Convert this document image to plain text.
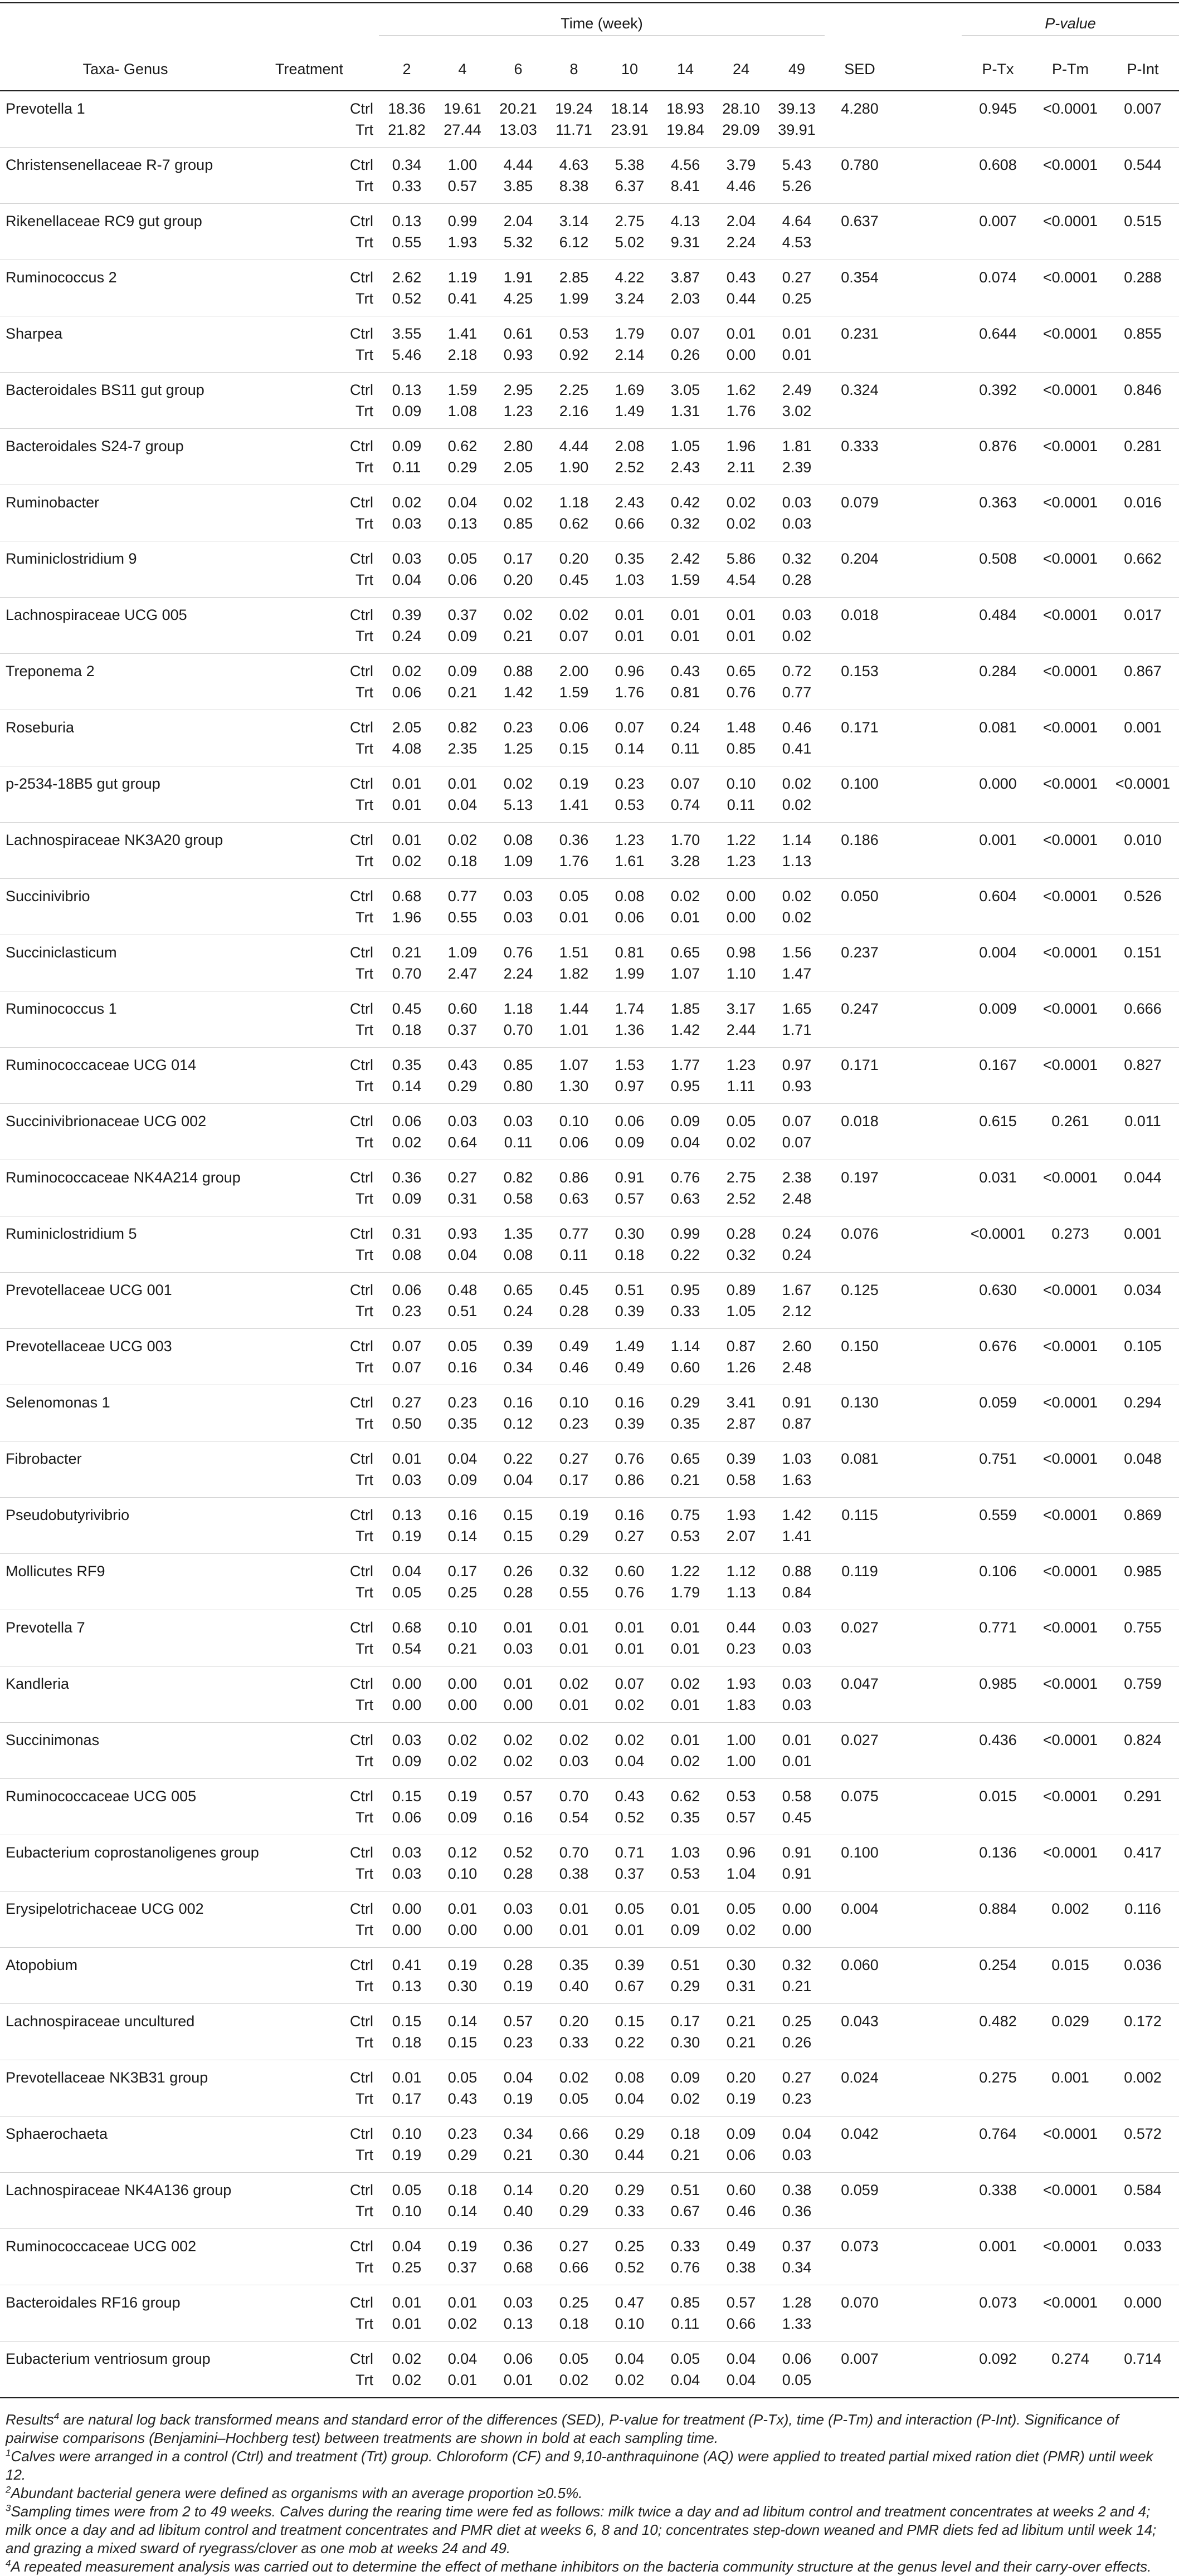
		Time (week)										P-value		
Taxa- Genus	Treatment	2	4	6	8	10	14	24	49	SED		P-Tx	P-Tm	P-Int
Prevotella 1	Ctrl	18.36	19.61	20.21	19.24	18.14	18.93	28.10	39.13	4.280		0.945	<0.0001	0.007
	Trt	21.82	27.44	13.03	11.71	23.91	19.84	29.09	39.91					
Christensenellaceae R-7 group	Ctrl	0.34	1.00	4.44	4.63	5.38	4.56	3.79	5.43	0.780		0.608	<0.0001	0.544
	Trt	0.33	0.57	3.85	8.38	6.37	8.41	4.46	5.26					
Rikenellaceae RC9 gut group	Ctrl	0.13	0.99	2.04	3.14	2.75	4.13	2.04	4.64	0.637		0.007	<0.0001	0.515
	Trt	0.55	1.93	5.32	6.12	5.02	9.31	2.24	4.53					
Ruminococcus 2	Ctrl	2.62	1.19	1.91	2.85	4.22	3.87	0.43	0.27	0.354		0.074	<0.0001	0.288
	Trt	0.52	0.41	4.25	1.99	3.24	2.03	0.44	0.25					
Sharpea	Ctrl	3.55	1.41	0.61	0.53	1.79	0.07	0.01	0.01	0.231		0.644	<0.0001	0.855
	Trt	5.46	2.18	0.93	0.92	2.14	0.26	0.00	0.01					
Bacteroidales BS11 gut group	Ctrl	0.13	1.59	2.95	2.25	1.69	3.05	1.62	2.49	0.324		0.392	<0.0001	0.846
	Trt	0.09	1.08	1.23	2.16	1.49	1.31	1.76	3.02					
Bacteroidales S24-7 group	Ctrl	0.09	0.62	2.80	4.44	2.08	1.05	1.96	1.81	0.333		0.876	<0.0001	0.281
	Trt	0.11	0.29	2.05	1.90	2.52	2.43	2.11	2.39					
Ruminobacter	Ctrl	0.02	0.04	0.02	1.18	2.43	0.42	0.02	0.03	0.079		0.363	<0.0001	0.016
	Trt	0.03	0.13	0.85	0.62	0.66	0.32	0.02	0.03					
Ruminiclostridium 9	Ctrl	0.03	0.05	0.17	0.20	0.35	2.42	5.86	0.32	0.204		0.508	<0.0001	0.662
	Trt	0.04	0.06	0.20	0.45	1.03	1.59	4.54	0.28					
Lachnospiraceae UCG 005	Ctrl	0.39	0.37	0.02	0.02	0.01	0.01	0.01	0.03	0.018		0.484	<0.0001	0.017
	Trt	0.24	0.09	0.21	0.07	0.01	0.01	0.01	0.02					
Treponema 2	Ctrl	0.02	0.09	0.88	2.00	0.96	0.43	0.65	0.72	0.153		0.284	<0.0001	0.867
	Trt	0.06	0.21	1.42	1.59	1.76	0.81	0.76	0.77					
Roseburia	Ctrl	2.05	0.82	0.23	0.06	0.07	0.24	1.48	0.46	0.171		0.081	<0.0001	0.001
	Trt	4.08	2.35	1.25	0.15	0.14	0.11	0.85	0.41					
p-2534-18B5 gut group	Ctrl	0.01	0.01	0.02	0.19	0.23	0.07	0.10	0.02	0.100		0.000	<0.0001	<0.0001
	Trt	0.01	0.04	5.13	1.41	0.53	0.74	0.11	0.02					
Lachnospiraceae NK3A20 group	Ctrl	0.01	0.02	0.08	0.36	1.23	1.70	1.22	1.14	0.186		0.001	<0.0001	0.010
	Trt	0.02	0.18	1.09	1.76	1.61	3.28	1.23	1.13					
Succinivibrio	Ctrl	0.68	0.77	0.03	0.05	0.08	0.02	0.00	0.02	0.050		0.604	<0.0001	0.526
	Trt	1.96	0.55	0.03	0.01	0.06	0.01	0.00	0.02					
Succiniclasticum	Ctrl	0.21	1.09	0.76	1.51	0.81	0.65	0.98	1.56	0.237		0.004	<0.0001	0.151
	Trt	0.70	2.47	2.24	1.82	1.99	1.07	1.10	1.47					
Ruminococcus 1	Ctrl	0.45	0.60	1.18	1.44	1.74	1.85	3.17	1.65	0.247		0.009	<0.0001	0.666
	Trt	0.18	0.37	0.70	1.01	1.36	1.42	2.44	1.71					
Ruminococcaceae UCG 014	Ctrl	0.35	0.43	0.85	1.07	1.53	1.77	1.23	0.97	0.171		0.167	<0.0001	0.827
	Trt	0.14	0.29	0.80	1.30	0.97	0.95	1.11	0.93					
Succinivibrionaceae UCG 002	Ctrl	0.06	0.03	0.03	0.10	0.06	0.09	0.05	0.07	0.018		0.615	0.261	0.011
	Trt	0.02	0.64	0.11	0.06	0.09	0.04	0.02	0.07					
Ruminococcaceae NK4A214 group	Ctrl	0.36	0.27	0.82	0.86	0.91	0.76	2.75	2.38	0.197		0.031	<0.0001	0.044
	Trt	0.09	0.31	0.58	0.63	0.57	0.63	2.52	2.48					
Ruminiclostridium 5	Ctrl	0.31	0.93	1.35	0.77	0.30	0.99	0.28	0.24	0.076		<0.0001	0.273	0.001
	Trt	0.08	0.04	0.08	0.11	0.18	0.22	0.32	0.24					
Prevotellaceae UCG 001	Ctrl	0.06	0.48	0.65	0.45	0.51	0.95	0.89	1.67	0.125		0.630	<0.0001	0.034
	Trt	0.23	0.51	0.24	0.28	0.39	0.33	1.05	2.12					
Prevotellaceae UCG 003	Ctrl	0.07	0.05	0.39	0.49	1.49	1.14	0.87	2.60	0.150		0.676	<0.0001	0.105
	Trt	0.07	0.16	0.34	0.46	0.49	0.60	1.26	2.48					
Selenomonas 1	Ctrl	0.27	0.23	0.16	0.10	0.16	0.29	3.41	0.91	0.130		0.059	<0.0001	0.294
	Trt	0.50	0.35	0.12	0.23	0.39	0.35	2.87	0.87					
Fibrobacter	Ctrl	0.01	0.04	0.22	0.27	0.76	0.65	0.39	1.03	0.081		0.751	<0.0001	0.048
	Trt	0.03	0.09	0.04	0.17	0.86	0.21	0.58	1.63					
Pseudobutyrivibrio	Ctrl	0.13	0.16	0.15	0.19	0.16	0.75	1.93	1.42	0.115		0.559	<0.0001	0.869
	Trt	0.19	0.14	0.15	0.29	0.27	0.53	2.07	1.41					
Mollicutes RF9	Ctrl	0.04	0.17	0.26	0.32	0.60	1.22	1.12	0.88	0.119		0.106	<0.0001	0.985
	Trt	0.05	0.25	0.28	0.55	0.76	1.79	1.13	0.84					
Prevotella 7	Ctrl	0.68	0.10	0.01	0.01	0.01	0.01	0.44	0.03	0.027		0.771	<0.0001	0.755
	Trt	0.54	0.21	0.03	0.01	0.01	0.01	0.23	0.03					
Kandleria	Ctrl	0.00	0.00	0.01	0.02	0.07	0.02	1.93	0.03	0.047		0.985	<0.0001	0.759
	Trt	0.00	0.00	0.00	0.01	0.02	0.01	1.83	0.03					
Succinimonas	Ctrl	0.03	0.02	0.02	0.02	0.02	0.01	1.00	0.01	0.027		0.436	<0.0001	0.824
	Trt	0.09	0.02	0.02	0.03	0.04	0.02	1.00	0.01					
Ruminococcaceae UCG 005	Ctrl	0.15	0.19	0.57	0.70	0.43	0.62	0.53	0.58	0.075		0.015	<0.0001	0.291
	Trt	0.06	0.09	0.16	0.54	0.52	0.35	0.57	0.45					
Eubacterium coprostanoligenes group	Ctrl	0.03	0.12	0.52	0.70	0.71	1.03	0.96	0.91	0.100		0.136	<0.0001	0.417
	Trt	0.03	0.10	0.28	0.38	0.37	0.53	1.04	0.91					
Erysipelotrichaceae UCG 002	Ctrl	0.00	0.01	0.03	0.01	0.05	0.01	0.05	0.00	0.004		0.884	0.002	0.116
	Trt	0.00	0.00	0.00	0.01	0.01	0.09	0.02	0.00					
Atopobium	Ctrl	0.41	0.19	0.28	0.35	0.39	0.51	0.30	0.32	0.060		0.254	0.015	0.036
	Trt	0.13	0.30	0.19	0.40	0.67	0.29	0.31	0.21					
Lachnospiraceae uncultured	Ctrl	0.15	0.14	0.57	0.20	0.15	0.17	0.21	0.25	0.043		0.482	0.029	0.172
	Trt	0.18	0.15	0.23	0.33	0.22	0.30	0.21	0.26					
Prevotellaceae NK3B31 group	Ctrl	0.01	0.05	0.04	0.02	0.08	0.09	0.20	0.27	0.024		0.275	0.001	0.002
	Trt	0.17	0.43	0.19	0.05	0.04	0.02	0.19	0.23					
Sphaerochaeta	Ctrl	0.10	0.23	0.34	0.66	0.29	0.18	0.09	0.04	0.042		0.764	<0.0001	0.572
	Trt	0.19	0.29	0.21	0.30	0.44	0.21	0.06	0.03					
Lachnospiraceae NK4A136 group	Ctrl	0.05	0.18	0.14	0.20	0.29	0.51	0.60	0.38	0.059		0.338	<0.0001	0.584
	Trt	0.10	0.14	0.40	0.29	0.33	0.67	0.46	0.36					
Ruminococcaceae UCG 002	Ctrl	0.04	0.19	0.36	0.27	0.25	0.33	0.49	0.37	0.073		0.001	<0.0001	0.033
	Trt	0.25	0.37	0.68	0.66	0.52	0.76	0.38	0.34					
Bacteroidales RF16 group	Ctrl	0.01	0.01	0.03	0.25	0.47	0.85	0.57	1.28	0.070		0.073	<0.0001	0.000
	Trt	0.01	0.02	0.13	0.18	0.10	0.11	0.66	1.33					
Eubacterium ventriosum group	Ctrl	0.02	0.04	0.06	0.05	0.04	0.05	0.04	0.06	0.007		0.092	0.274	0.714
	Trt	0.02	0.01	0.01	0.02	0.02	0.04	0.04	0.05					

Results$^4$ are natural log back transformed means and standard error of the differences (SED), P-value for treatment (P-Tx), time (P-Tm) and interaction (P-Int). Significance of pairwise comparisons (Benjamini–Hochberg test) between treatments are shown in bold at each sampling time.

$^1$Calves were arranged in a control (Ctrl) and treatment (Trt) group. Chloroform (CF) and 9,10-anthraquinone (AQ) were applied to treated partial mixed ration diet (PMR) until week 12.

$^2$Abundant bacterial genera were defined as organisms with an average proportion ≥0.5%.

$^3$Sampling times were from 2 to 49 weeks. Calves during the rearing time were fed as follows: milk twice a day and ad libitum control and treatment concentrates at weeks 2 and 4; milk once a day and ad libitum control and treatment concentrates and PMR diet at weeks 6, 8 and 10; concentrates step-down weaned and PMR diets fed ad libitum until week 14; and grazing a mixed sward of ryegrass/clover as one mob at weeks 24 and 49.

$^4$A repeated measurement analysis was carried out to determine the effect of methane inhibitors on the bacteria community structure at the genus level and their carry-over effects.
